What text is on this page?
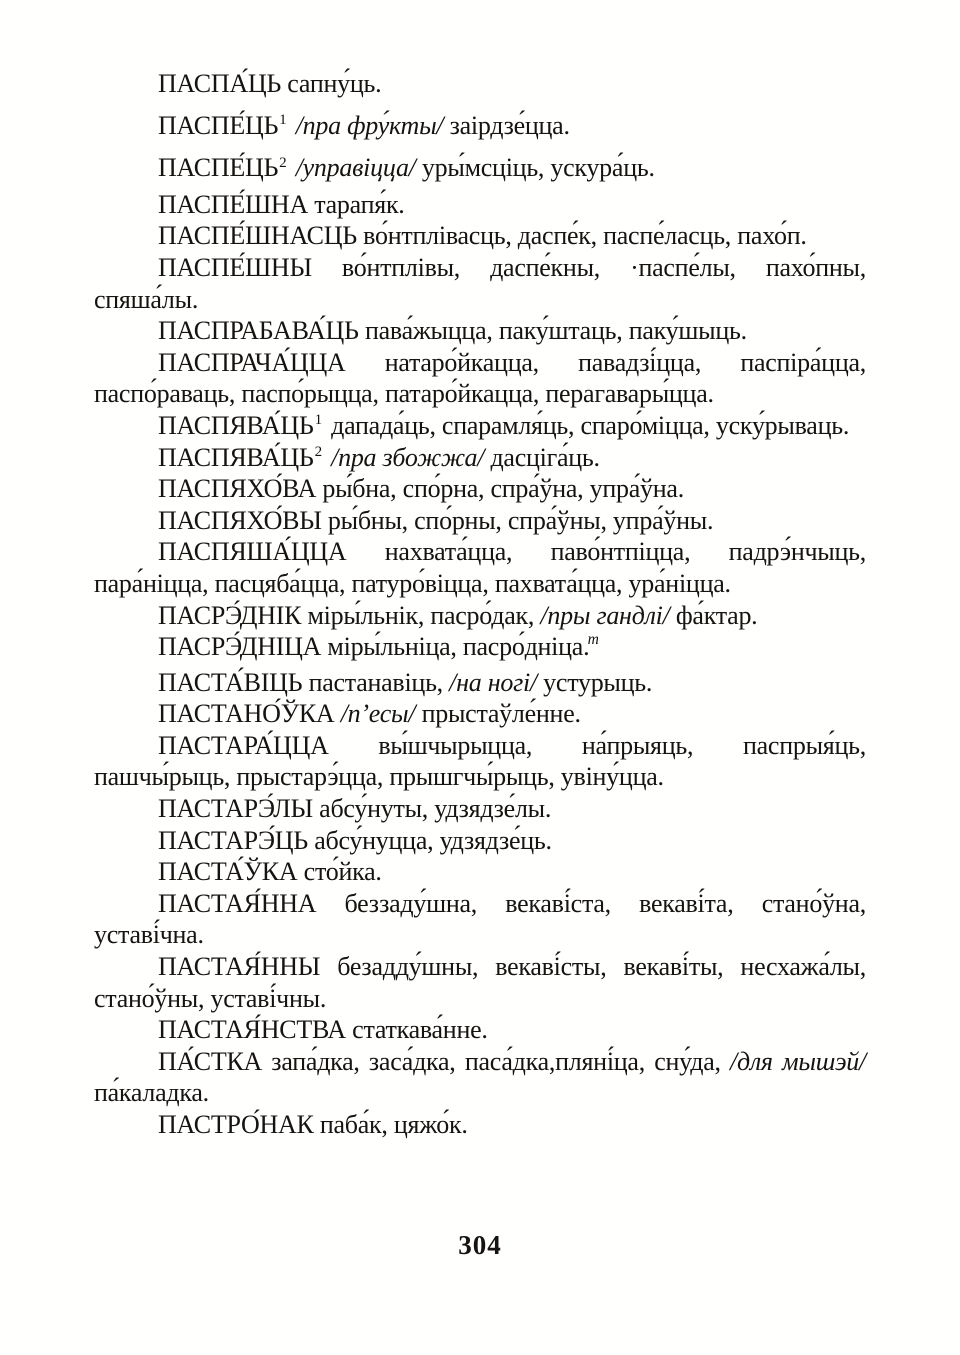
ПАСПА́ЦЬ сапну́ць.

$ПАСПЕ́ЦЬ^1$ /пра фру́кты/ заірдзе́цца.

$ПАСПЕ́ЦЬ^2$ /управіцца/ уры́мсціць, ускура́ць.

ПАСПЕ́ШНА тарапя́к.

ПАСПЕ́ШНАСЦЬ во́нтплівасць, даспе́к, паспе́ласць, пахо́п.

ПАСПЕ́ШНЫ во́нтплівы, даспе́кны, ·паспе́лы, пахо́пны, спяша́лы.

ПАСПРАБАВА́ЦЬ пава́жыцца, паку́штаць, паку́шыць.

ПАСПРАЧА́ЦЦА натаро́йкацца, павадзі́цца, паспіра́цца, паспо́раваць, паспо́рыцца, патаро́йкацца, перагавары́цца.

$ПАСПЯВА́ЦЬ^1$ дапада́ць, спарамля́ць, спаро́міцца, уску́рываць.

$ПАСПЯВА́ЦЬ^2$ /пра збожжа/ дасціга́ць.

ПАСПЯХО́ВА ры́бна, спо́рна, спра́ўна, упра́ўна.

ПАСПЯХО́ВЫ ры́бны, спо́рны, спра́ўны, упра́ўны.

ПАСПЯША́ЦЦА нахвата́цца, паво́нтпіцца, падрэ́нчыць, пара́ніцца, пасцяба́цца, патуро́віцца, пахвата́цца, ура́ніцца.

ПАСРЭ́ДНІК міры́льнік, пасро́дак, /пры гандлі/ фа́ктар.

ПАСРЭ́ДНІЦА міры́льніца, пасро́	тдніца.

ПАСТА́ВІЦЬ пастанавіць, /на ногі/ устурыць.

ПАСТАНО́ЎКА /п’есы/ прыстаўле́нне.

ПАСТАРА́ЦЦА вы́шчырыцца, на́прыяць, паспрыя́ць, пашчы́рыць, прыстарэ́цца, прышгчы́рыць, увіну́цца.

ПАСТАРЭ́ЛЫ абсу́нуты, удзядзе́лы.

ПАСТАРЭ́ЦЬ абсу́нуцца, удзядзе́ць.

ПАСТА́ЎКА сто́йка.

ПАСТАЯ́ННА беззаду́шна, векаві́ста, векаві́та, стано́ўна, уставі́чна.

ПАСТАЯ́ННЫ безадду́шны, векаві́сты, векаві́ты, несхажа́лы, стано́ўны, уставі́чны.

ПАСТАЯ́НСТВА статкава́нне.

ПА́СТКА запа́дка, заса́дка, паса́дка,пляні́ца, сну́да, /для мышэй/ па́каладка.

ПАСТРО́НАК паба́к, цяжо́к.

304
